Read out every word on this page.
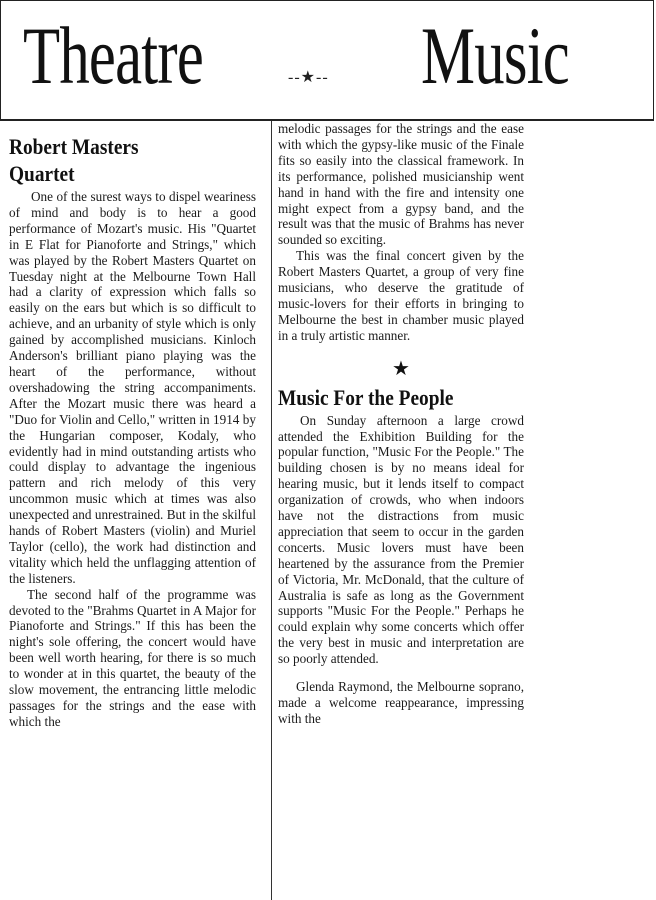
Theatre	--★-- Music
Robert Masters
Quartet

One of the surest ways to dispel weariness of mind and body is to hear a good performance of Mozart's music. His "Quartet in E Flat for Pianoforte and Strings," which was played by the Robert Masters Quartet on Tuesday night at the Melbourne Town Hall had a clarity of expression which falls so easily on the ears but which is so difficult to achieve, and an urbanity of style which is only gained by accomplished musicians. Kinloch Anderson's brilliant piano playing was the heart of the performance, without overshadowing the string accompaniments. After the Mozart music there was heard a "Duo for Violin and Cello," written in 1914 by the Hungarian composer, Kodaly, who evidently had in mind outstanding artists who could display to advantage the ingenious pattern and rich melody of this very uncommon music which at times was also unexpected and unrestrained. But in the skilful hands of Robert Masters (violin) and Muriel Taylor (cello), the work had distinction and vitality which held the unflagging attention of the listeners.

The second half of the programme was devoted to the "Brahms Quartet in A Major for Pianoforte and Strings." If this has been the night's sole offering, the concert would have been well worth hearing, for there is so much to wonder at in this quartet, the beauty of the slow movement, the entrancing little melodic passages for the strings and the ease with which the

melodic passages for the strings and the ease with which the gypsy-like music of the Finale fits so easily into the classical framework. In its performance, polished musicianship went hand in hand with the fire and intensity one might expect from a gypsy band, and the result was that the music of Brahms has never sounded so exciting.

This was the final concert given by the Robert Masters Quartet, a group of very fine musicians, who deserve the gratitude of music-lovers for their efforts in bringing to Melbourne the best in chamber music played in a truly artistic manner.

★
Music For the People

On Sunday afternoon a large crowd attended the Exhibition Building for the popular function, "Music For the People." The building chosen is by no means ideal for hearing music, but it lends itself to compact organization of crowds, who when indoors have not the distractions from music appreciation that seem to occur in the garden concerts. Music lovers must have been heartened by the assurance from the Premier of Victoria, Mr. McDonald, that the culture of Australia is safe as long as the Government supports "Music For the People." Perhaps he could explain why some concerts which offer the very best in music and interpretation are so poorly attended.

Glenda Raymond, the Melbourne soprano, made a welcome reappearance, impressing with the
